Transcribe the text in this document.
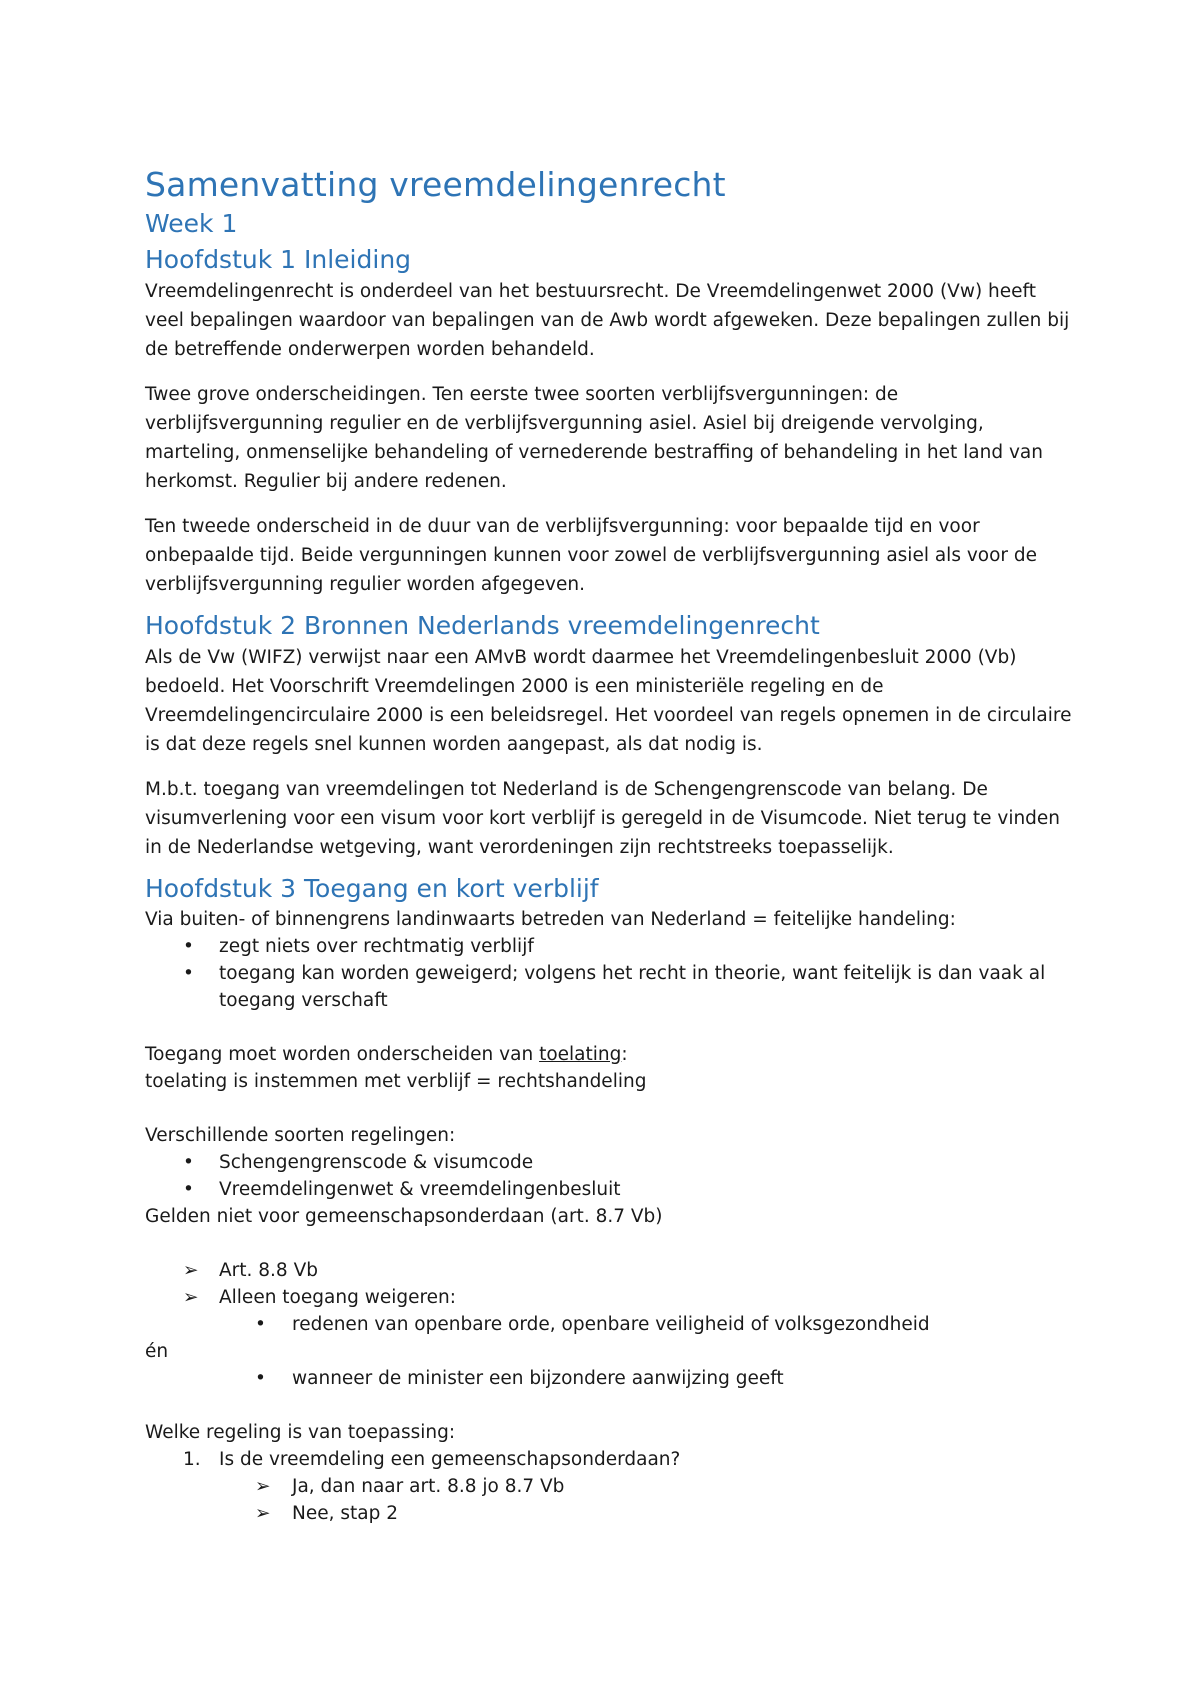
Samenvatting vreemdelingenrecht
Week 1
Hoofdstuk 1 Inleiding

Vreemdelingenrecht is onderdeel van het bestuursrecht. De Vreemdelingenwet 2000 (Vw) heeft veel bepalingen waardoor van bepalingen van de Awb wordt afgeweken. Deze bepalingen zullen bij de betreffende onderwerpen worden behandeld.

Twee grove onderscheidingen. Ten eerste twee soorten verblijfsvergunningen: de verblijfsvergunning regulier en de verblijfsvergunning asiel. Asiel bij dreigende vervolging, marteling, onmenselijke behandeling of vernederende bestraffing of behandeling in het land van herkomst. Regulier bij andere redenen.

Ten tweede onderscheid in de duur van de verblijfsvergunning: voor bepaalde tijd en voor onbepaalde tijd. Beide vergunningen kunnen voor zowel de verblijfsvergunning asiel als voor de verblijfsvergunning regulier worden afgegeven.

Hoofdstuk 2 Bronnen Nederlands vreemdelingenrecht

Als de Vw (WIFZ) verwijst naar een AMvB wordt daarmee het Vreemdelingenbesluit 2000 (Vb) bedoeld. Het Voorschrift Vreemdelingen 2000 is een ministeriële regeling en de Vreemdelingencirculaire 2000 is een beleidsregel. Het voordeel van regels opnemen in de circulaire is dat deze regels snel kunnen worden aangepast, als dat nodig is.

M.b.t. toegang van vreemdelingen tot Nederland is de Schengengrenscode van belang. De visumverlening voor een visum voor kort verblijf is geregeld in de Visumcode. Niet terug te vinden in de Nederlandse wetgeving, want verordeningen zijn rechtstreeks toepasselijk.

Hoofdstuk 3 Toegang en kort verblijf
Via buiten- of binnengrens landinwaarts betreden van Nederland = feitelijke handeling:
• zegt niets over rechtmatig verblijf
• toegang kan worden geweigerd; volgens het recht in theorie, want feitelijk is dan vaak al toegang verschaft
Toegang moet worden onderscheiden van toelating:
toelating is instemmen met verblijf = rechtshandeling
Verschillende soorten regelingen:
• Schengengrenscode & visumcode
• Vreemdelingenwet & vreemdelingenbesluit
Gelden niet voor gemeenschapsonderdaan (art. 8.7 Vb)
➢ Art. 8.8 Vb
➢ Alleen toegang weigeren:
• redenen van openbare orde, openbare veiligheid of volksgezondheid
én
• wanneer de minister een bijzondere aanwijzing geeft
Welke regeling is van toepassing:
1. Is de vreemdeling een gemeenschapsonderdaan?
➢ Ja, dan naar art. 8.8 jo 8.7 Vb
➢ Nee, stap 2
